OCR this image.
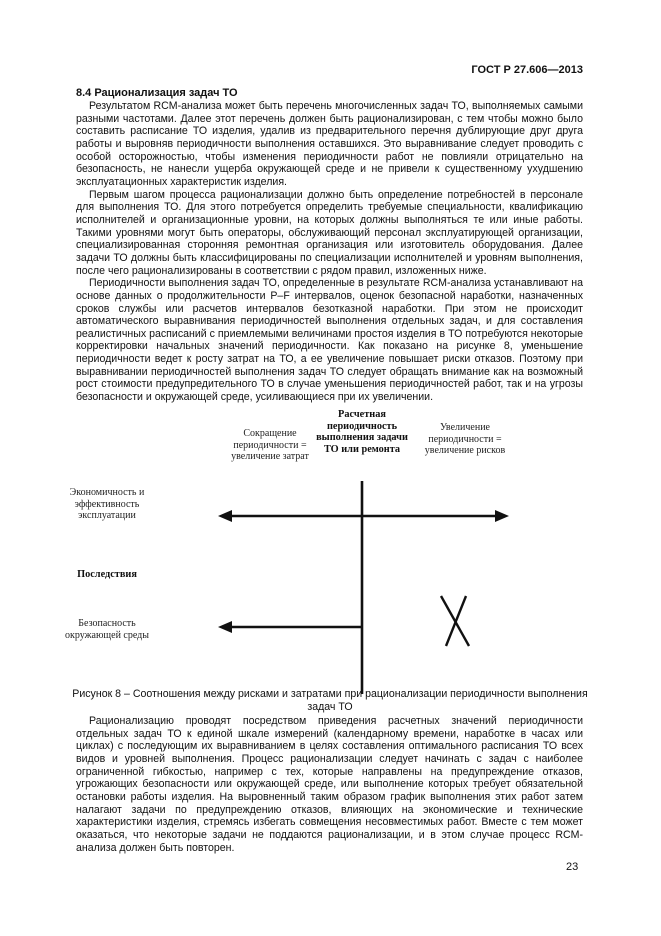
ГОСТ Р 27.606—2013
8.4 Рационализация задач ТО

Результатом RCM-анализа может быть перечень многочисленных задач ТО, выполняемых самыми разными частотами. Далее этот перечень должен быть рационализирован, с тем чтобы можно было составить расписание ТО изделия, удалив из предварительного перечня дублирующие друг друга работы и выровняв периодичности выполнения оставшихся. Это выравнивание следует проводить с особой осторожностью, чтобы изменения периодичности работ не повлияли отрицательно на безопасность, не нанесли ущерба окружающей среде и не привели к существенному ухудшению эксплуатационных характеристик изделия.

Первым шагом процесса рационализации должно быть определение потребностей в персонале для выполнения ТО. Для этого потребуется определить требуемые специальности, квалификацию исполнителей и организационные уровни, на которых должны выполняться те или иные работы. Такими уровнями могут быть операторы, обслуживающий персонал эксплуатирующей организации, специализированная сторонняя ремонтная организация или изготовитель оборудования. Далее задачи ТО должны быть классифицированы по специализации исполнителей и уровням выполнения, после чего рационализированы в соответствии с рядом правил, изложенных ниже.

Периодичности выполнения задач ТО, определенные в результате RCM-анализа устанавливают на основе данных о продолжительности P–F интервалов, оценок безопасной наработки, назначенных сроков службы или расчетов интервалов безотказной наработки. При этом не происходит автоматического выравнивания периодичностей выполнения отдельных задач, и для составления реалистичных расписаний с приемлемыми величинами простоя изделия в ТО потребуются некоторые корректировки начальных значений периодичности. Как показано на рисунке 8, уменьшение периодичности ведет к росту затрат на ТО, а ее увеличение повышает риски отказов. Поэтому при выравнивании периодичностей выполнения задач ТО следует обращать внимание как на возможный рост стоимости предупредительного ТО в случае уменьшения периодичностей работ, так и на угрозы безопасности и окружающей среде, усиливающиеся при их увеличении.

Сокращение периодичности = увеличение затрат
Расчетная периодичность выполнения задачи ТО или ремонта
Увеличение периодичности = увеличение рисков
Экономичность и эффективность эксплуатации
Последствия
Безопасность окружающей среды
Рисунок 8 – Соотношения между рисками и затратами при рационализации периодичности выполнения задач ТО

Рационализацию проводят посредством приведения расчетных значений периодичности отдельных задач ТО к единой шкале измерений (календарному времени, наработке в часах или циклах) с последующим их выравниванием в целях составления оптимального расписания ТО всех видов и уровней выполнения. Процесс рационализации следует начинать с задач с наиболее ограниченной гибкостью, например с тех, которые направлены на предупреждение отказов, угрожающих безопасности или окружающей среде, или выполнение которых требует обязательной остановки работы изделия. На выровненный таким образом график выполнения этих работ затем налагают задачи по предупреждению отказов, влияющих на экономические и технические характеристики изделия, стремясь избегать совмещения несовместимых работ. Вместе с тем может оказаться, что некоторые задачи не поддаются рационализации, и в этом случае процесс RCM-анализа должен быть повторен.

23
